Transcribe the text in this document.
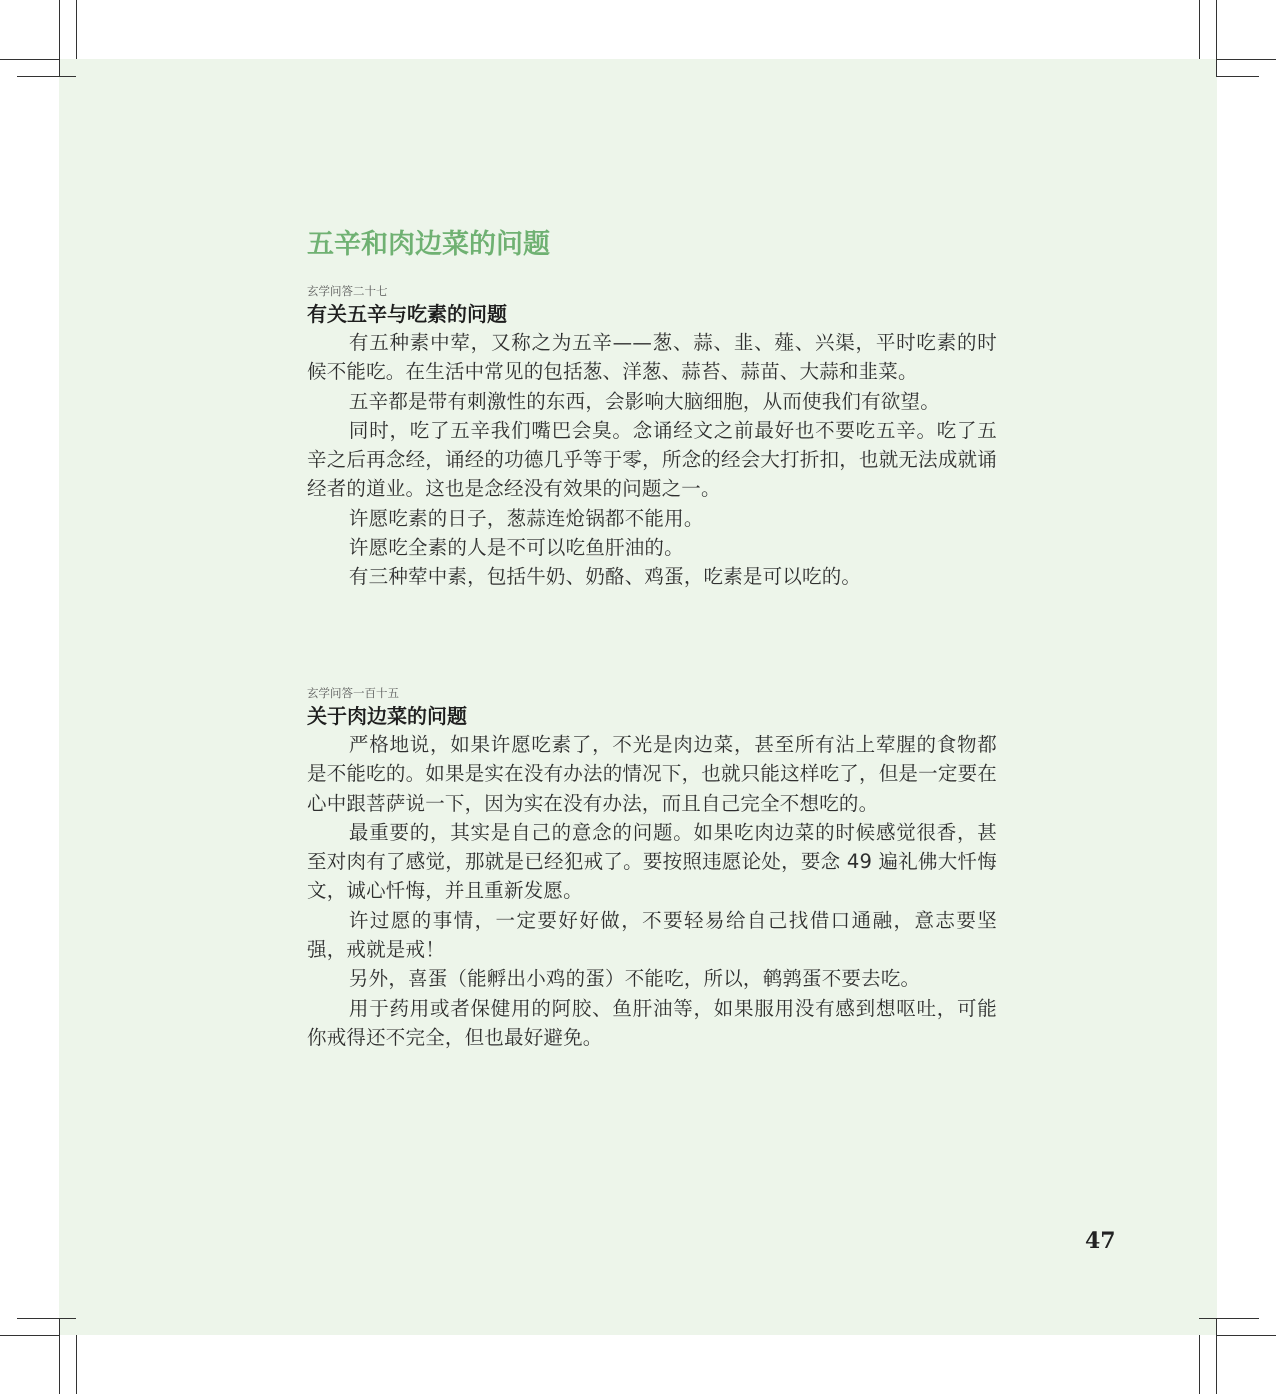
五辛和肉边菜的问题
玄学问答二十七
有关五辛与吃素的问题

有五种素中荤，又称之为五辛——葱、蒜、韭、薤、兴渠，平时吃素的时候不能吃。在生活中常见的包括葱、洋葱、蒜苔、蒜苗、大蒜和韭菜。

五辛都是带有刺激性的东西，会影响大脑细胞，从而使我们有欲望。

同时，吃了五辛我们嘴巴会臭。念诵经文之前最好也不要吃五辛。吃了五辛之后再念经，诵经的功德几乎等于零，所念的经会大打折扣，也就无法成就诵经者的道业。这也是念经没有效果的问题之一。

许愿吃素的日子，葱蒜连炝锅都不能用。

许愿吃全素的人是不可以吃鱼肝油的。

有三种荤中素，包括牛奶、奶酪、鸡蛋，吃素是可以吃的。

玄学问答一百十五
关于肉边菜的问题

严格地说，如果许愿吃素了，不光是肉边菜，甚至所有沾上荤腥的食物都是不能吃的。如果是实在没有办法的情况下，也就只能这样吃了，但是一定要在心中跟菩萨说一下，因为实在没有办法，而且自己完全不想吃的。

最重要的，其实是自己的意念的问题。如果吃肉边菜的时候感觉很香，甚至对肉有了感觉，那就是已经犯戒了。要按照违愿论处，要念 49 遍礼佛大忏悔文，诚心忏悔，并且重新发愿。

许过愿的事情，一定要好好做，不要轻易给自己找借口通融，意志要坚强，戒就是戒！

另外，喜蛋（能孵出小鸡的蛋）不能吃，所以，鹌鹑蛋不要去吃。

用于药用或者保健用的阿胶、鱼肝油等，如果服用没有感到想呕吐，可能你戒得还不完全，但也最好避免。

47
